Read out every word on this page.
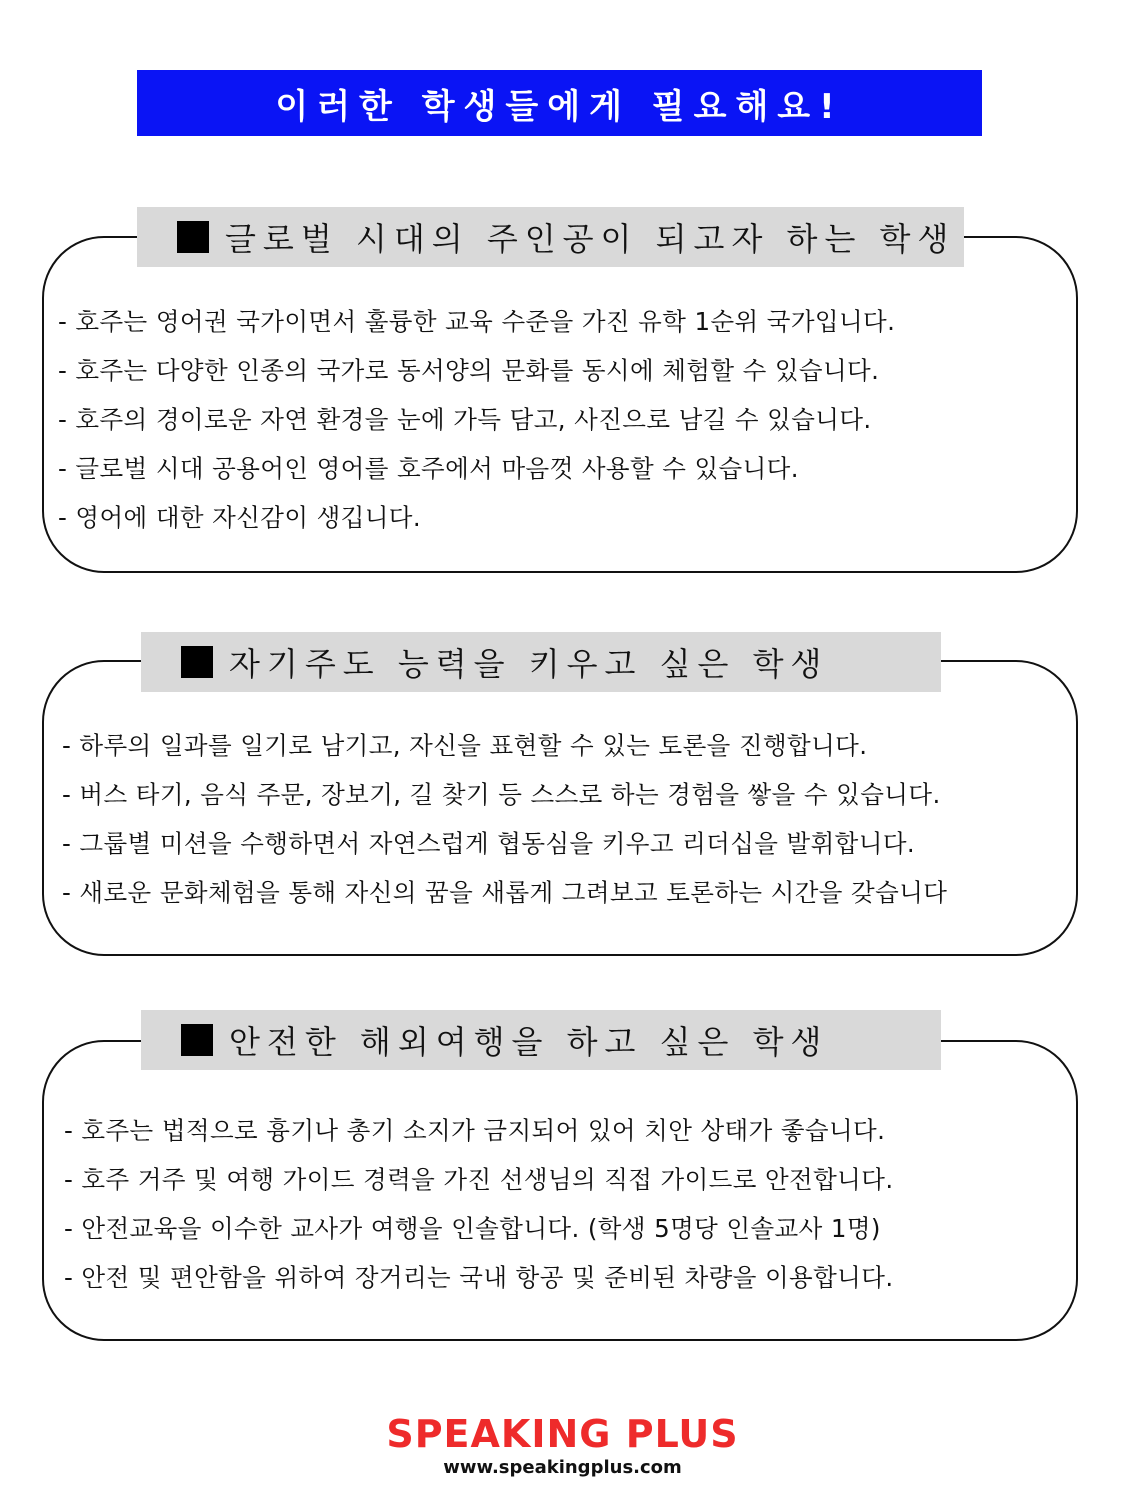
이러한 학생들에게 필요해요!
글로벌 시대의 주인공이 되고자 하는 학생
- 호주는 영어권 국가이면서 훌륭한 교육 수준을 가진 유학 1순위 국가입니다.
- 호주는 다양한 인종의 국가로 동서양의 문화를 동시에 체험할 수 있습니다.
- 호주의 경이로운 자연 환경을 눈에 가득 담고, 사진으로 남길 수 있습니다.
- 글로벌 시대 공용어인 영어를 호주에서 마음껏 사용할 수 있습니다.
- 영어에 대한 자신감이 생깁니다.
자기주도 능력을 키우고 싶은 학생
- 하루의 일과를 일기로 남기고, 자신을 표현할 수 있는 토론을 진행합니다.
- 버스 타기, 음식 주문, 장보기, 길 찾기 등 스스로 하는 경험을 쌓을 수 있습니다.
- 그룹별 미션을 수행하면서 자연스럽게 협동심을 키우고 리더십을 발휘합니다.
- 새로운 문화체험을 통해 자신의 꿈을 새롭게 그려보고 토론하는 시간을 갖습니다
안전한 해외여행을 하고 싶은 학생
- 호주는 법적으로 흉기나 총기 소지가 금지되어 있어 치안 상태가 좋습니다.
- 호주 거주 및 여행 가이드 경력을 가진 선생님의 직접 가이드로 안전합니다.
- 안전교육을 이수한 교사가 여행을 인솔합니다. (학생 5명당 인솔교사 1명)
- 안전 및 편안함을 위하여 장거리는 국내 항공 및 준비된 차량을 이용합니다.
SPEAKING PLUS
www.speakingplus.com
